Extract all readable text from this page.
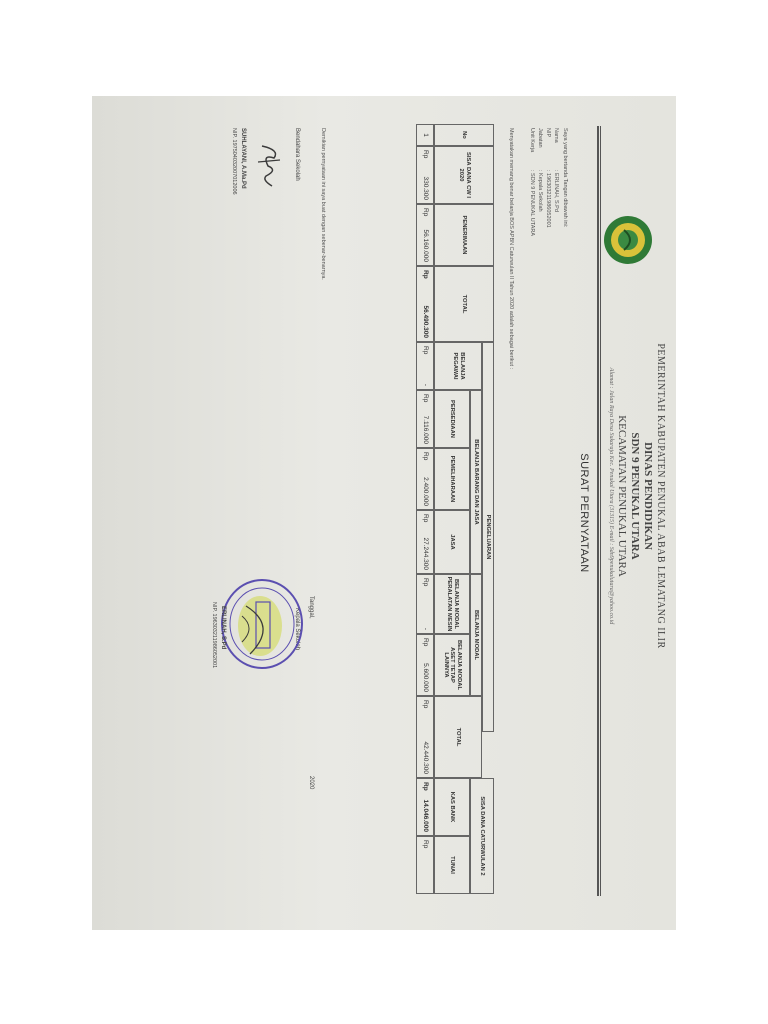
PEMERINTAH KABUPATEN PENUKAL ABAB LEMATANG ILIR
DINAS PENDIDIKAN
SDN 9 PENUKAL UTARA
KECAMATAN PENUKAL UTARA
Alamat : Jalan Raya Desa Sukaraja Kec. Penukal Utara (31315) E-mail : Sdn9penukalutara@yahoo.co.id
SURAT PERNYATAAN
Saya yang bertanda Tangan dibawah ini:
Nama
: ERLINAH, S.Pd
NIP
: 196303211986052001
Jabatan
: Kepala Sekolah
Unit Kerja
: SDN 9 PENUKAL UTARA
Menyatakan memang benar belanja BOS APBN Caturwulan II Tahun 2020 adalah sebagai berikut :
No
SISA DANA CW I 2020
PENERIMAAN
TOTAL
PENGELUARAN
BELANJA PEGAWAI
BELANJA BARANG DAN JASA
PERSEDIAAN
PEMELIHARAAN
JASA
BELANJA MODAL
BELANJA MODAL PERALATAN MESIN
BELANJA MODAL ASET TETAP LAINNYA
TOTAL
SISA DANA CATURWULAN 2
KAS BANK
TUNAI
1
Rp
330.300
Rp
56.160.000
Rp
56.490.300
Rp
-
Rp
7.116.000
Rp
2.400.000
Rp
27.244.300
Rp
-
Rp
5.600.000
Rp
42.440.300
Rp
14.046.000
Rp
Demikian pernyataan ini saya buat dengan sebenar-benarnya.
Bendahara Sekolah
SUHLAYANI, A.Ma.Pd
NIP. 197504032007012006
Tanggal,
2020
Kepala Sekolah
ERLINAH, S.Pd
NIP. 196303211986052001
